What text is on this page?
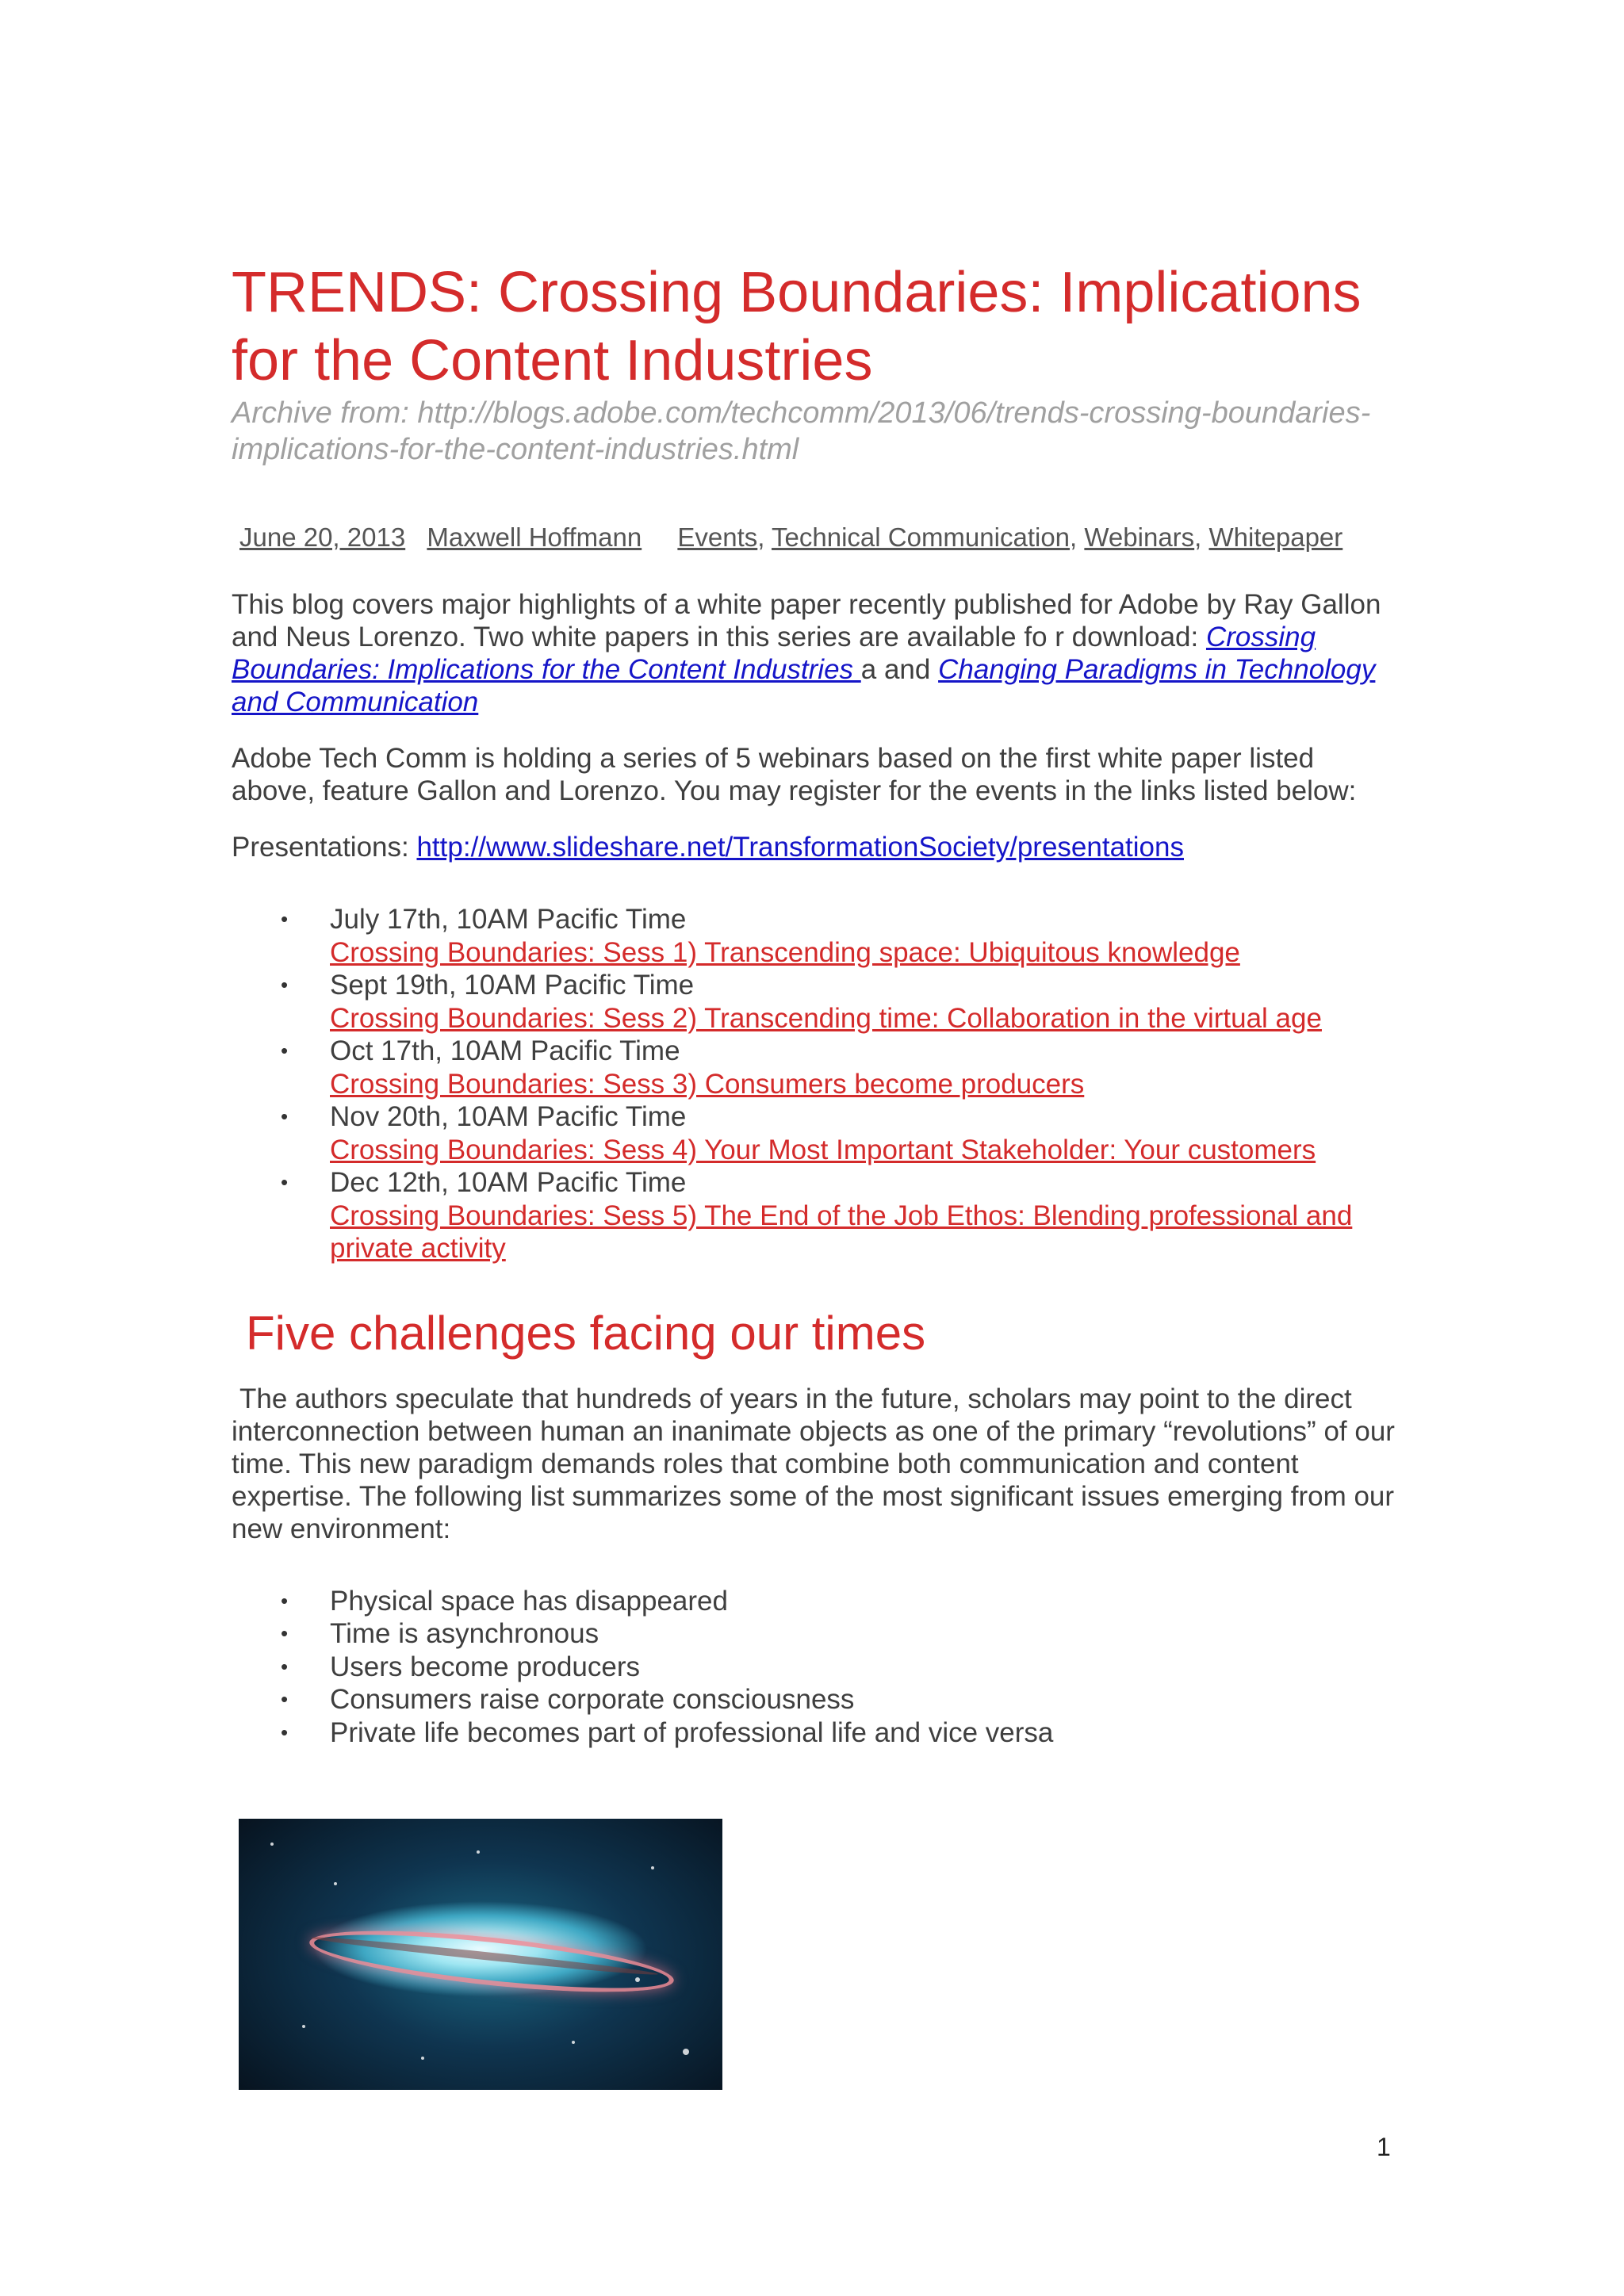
TRENDS: Crossing Boundaries: Implications for the Content Industries

Archive from: http://blogs.adobe.com/techcomm/2013/06/trends-crossing-boundaries-implications-for-the-content-industries.html

June 20, 2013 Maxwell Hoffmann Events, Technical Communication, Webinars, Whitepaper

This blog covers major highlights of a white paper recently published for Adobe by Ray Gallon and Neus Lorenzo. Two white papers in this series are available fo r download: Crossing Boundaries: Implications for the Content Industries a and Changing Paradigms in Technology and Communication

Adobe Tech Comm is holding a series of 5 webinars based on the first white paper listed above, feature Gallon and Lorenzo. You may register for the events in the links listed below:

Presentations: http://www.slideshare.net/TransformationSociety/presentations

• July 17th, 10AM Pacific Time
Crossing Boundaries: Sess 1) Transcending space: Ubiquitous knowledge
• Sept 19th, 10AM Pacific Time
Crossing Boundaries: Sess 2) Transcending time: Collaboration in the virtual age
• Oct 17th, 10AM Pacific Time
Crossing Boundaries: Sess 3) Consumers become producers
• Nov 20th, 10AM Pacific Time
Crossing Boundaries: Sess 4) Your Most Important Stakeholder: Your customers
• Dec 12th, 10AM Pacific Time
Crossing Boundaries: Sess 5) The End of the Job Ethos: Blending professional and private activity
Five challenges facing our times

The authors speculate that hundreds of years in the future, scholars may point to the direct interconnection between human an inanimate objects as one of the primary “revolutions” of our time. This new paradigm demands roles that combine both communication and content expertise. The following list summarizes some of the most significant issues emerging from our new environment:

• Physical space has disappeared
• Time is asynchronous
• Users become producers
• Consumers raise corporate consciousness
• Private life becomes part of professional life and vice versa
1
